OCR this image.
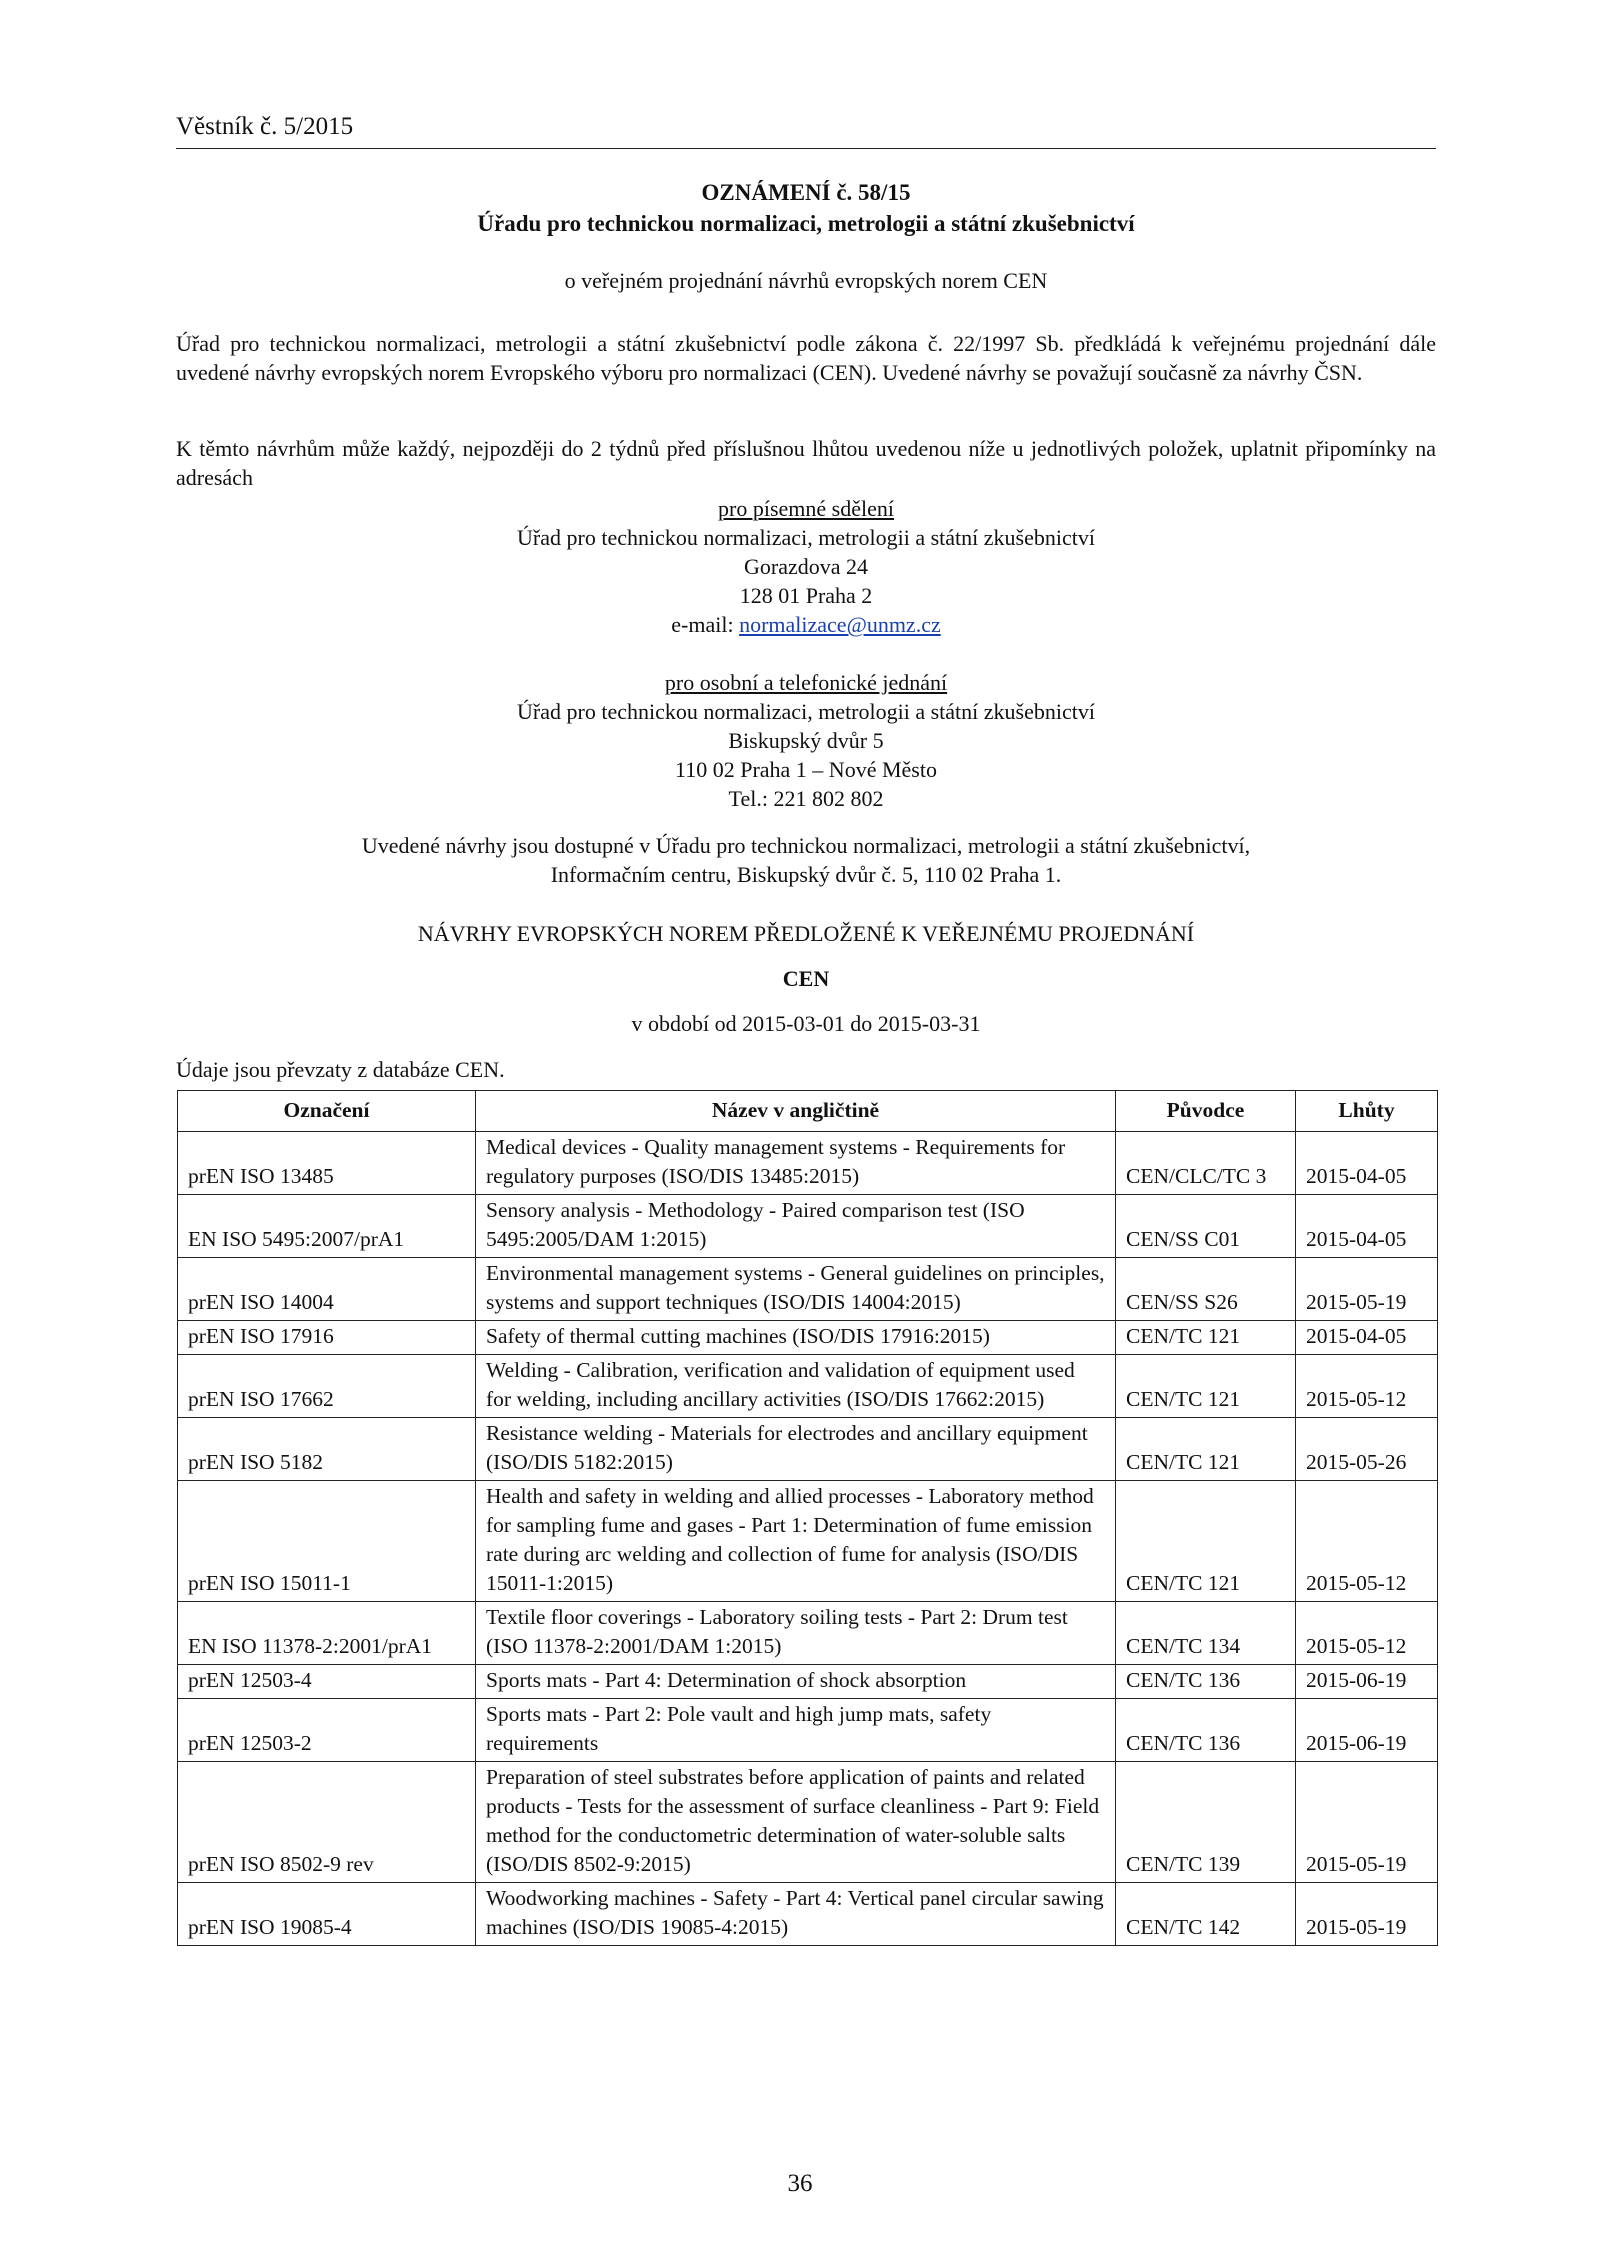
Věstník č. 5/2015
OZNÁMENÍ č. 58/15
Úřadu pro technickou normalizaci, metrologii a státní zkušebnictví
o veřejném projednání návrhů evropských norem CEN

Úřad pro technickou normalizaci, metrologii a státní zkušebnictví podle zákona č. 22/1997 Sb. předkládá k veřejnému projednání dále uvedené návrhy evropských norem Evropského výboru pro normalizaci (CEN). Uvedené návrhy se považují současně za návrhy ČSN.

K těmto návrhům může každý, nejpozději do 2 týdnů před příslušnou lhůtou uvedenou níže u jednotlivých položek, uplatnit připomínky na adresách

pro písemné sdělení
Úřad pro technickou normalizaci, metrologii a státní zkušebnictví
Gorazdova 24
128 01 Praha 2
e-mail: normalizace@unmz.cz
pro osobní a telefonické jednání
Úřad pro technickou normalizaci, metrologii a státní zkušebnictví
Biskupský dvůr 5
110 02 Praha 1 – Nové Město
Tel.: 221 802 802
Uvedené návrhy jsou dostupné v Úřadu pro technickou normalizaci, metrologii a státní zkušebnictví,
Informačním centru, Biskupský dvůr č. 5, 110 02 Praha 1.
NÁVRHY EVROPSKÝCH NOREM PŘEDLOŽENÉ K VEŘEJNÉMU PROJEDNÁNÍ
CEN
v období od 2015-03-01 do 2015-03-31
Údaje jsou převzaty z databáze CEN.
Označení	Název v angličtině	Původce	Lhůty
prEN ISO 13485	Medical devices - Quality management systems - Requirements for regulatory purposes (ISO/DIS 13485:2015)	CEN/CLC/TC 3	2015-04-05
EN ISO 5495:2007/prA1	Sensory analysis - Methodology - Paired comparison test (ISO 5495:2005/DAM 1:2015)	CEN/SS C01	2015-04-05
prEN ISO 14004	Environmental management systems - General guidelines on principles, systems and support techniques (ISO/DIS 14004:2015)	CEN/SS S26	2015-05-19
prEN ISO 17916	Safety of thermal cutting machines (ISO/DIS 17916:2015)	CEN/TC 121	2015-04-05
prEN ISO 17662	Welding - Calibration, verification and validation of equipment used for welding, including ancillary activities (ISO/DIS 17662:2015)	CEN/TC 121	2015-05-12
prEN ISO 5182	Resistance welding - Materials for electrodes and ancillary equipment (ISO/DIS 5182:2015)	CEN/TC 121	2015-05-26
prEN ISO 15011-1	Health and safety in welding and allied processes - Laboratory method for sampling fume and gases - Part 1: Determination of fume emission rate during arc welding and collection of fume for analysis (ISO/DIS 15011-1:2015)	CEN/TC 121	2015-05-12
EN ISO 11378-2:2001/prA1	Textile floor coverings - Laboratory soiling tests - Part 2: Drum test (ISO 11378-2:2001/DAM 1:2015)	CEN/TC 134	2015-05-12
prEN 12503-4	Sports mats - Part 4: Determination of shock absorption	CEN/TC 136	2015-06-19
prEN 12503-2	Sports mats - Part 2: Pole vault and high jump mats, safety requirements	CEN/TC 136	2015-06-19
prEN ISO 8502-9 rev	Preparation of steel substrates before application of paints and related products - Tests for the assessment of surface cleanliness - Part 9: Field method for the conductometric determination of water-soluble salts (ISO/DIS 8502-9:2015)	CEN/TC 139	2015-05-19
prEN ISO 19085-4	Woodworking machines - Safety - Part 4: Vertical panel circular sawing machines (ISO/DIS 19085-4:2015)	CEN/TC 142	2015-05-19
36
